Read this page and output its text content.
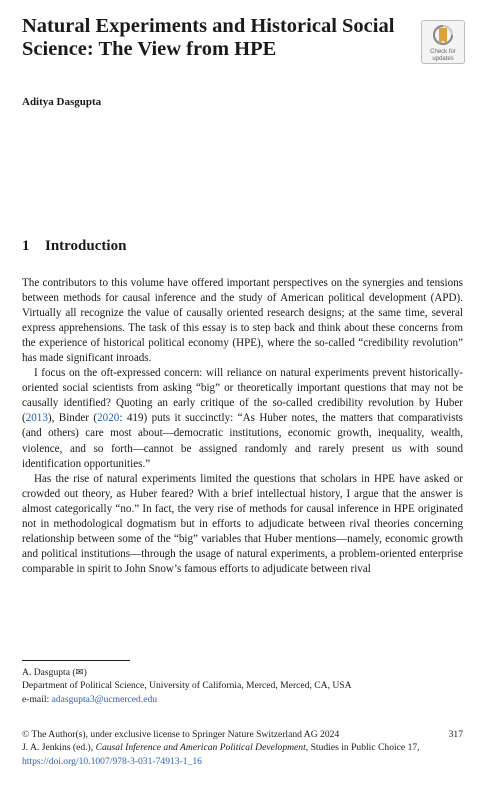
Natural Experiments and Historical Social Science: The View from HPE	Check for
updates
Aditya Dasgupta
1 Introduction

The contributors to this volume have offered important perspectives on the synergies and tensions between methods for causal inference and the study of American political development (APD). Virtually all recognize the value of causally oriented research designs; at the same time, several express apprehensions. The task of this essay is to step back and think about these concerns from the experience of historical political economy (HPE), where the so-called “credibility revolution” has made significant inroads.

I focus on the oft-expressed concern: will reliance on natural experiments prevent historically-oriented social scientists from asking “big” or theoretically important questions that may not be causally identified? Quoting an early critique of the so-called credibility revolution by Huber (2013), Binder (2020: 419) puts it succinctly: “As Huber notes, the matters that comparativists (and others) care most about—democratic institutions, economic growth, inequality, wealth, violence, and so forth—cannot be assigned randomly and rarely present us with sound identification opportunities.”

Has the rise of natural experiments limited the questions that scholars in HPE have asked or crowded out theory, as Huber feared? With a brief intellectual history, I argue that the answer is almost categorically “no.” In fact, the very rise of methods for causal inference in HPE originated not in methodological dogmatism but in efforts to adjudicate between rival theories concerning relationship between some of the “big” variables that Huber mentions—namely, economic growth and political institutions—through the usage of natural experiments, a problem-oriented enterprise comparable in spirit to John Snow’s famous efforts to adjudicate between rival

A. Dasgupta (✉)
Department of Political Science, University of California, Merced, Merced, CA, USA
e-mail: adasgupta3@ucmerced.edu
317
© The Author(s), under exclusive license to Springer Nature Switzerland AG 2024
J. A. Jenkins (ed.), Causal Inference and American Political Development, Studies in Public Choice 17, https://doi.org/10.1007/978-3-031-74913-1_16
